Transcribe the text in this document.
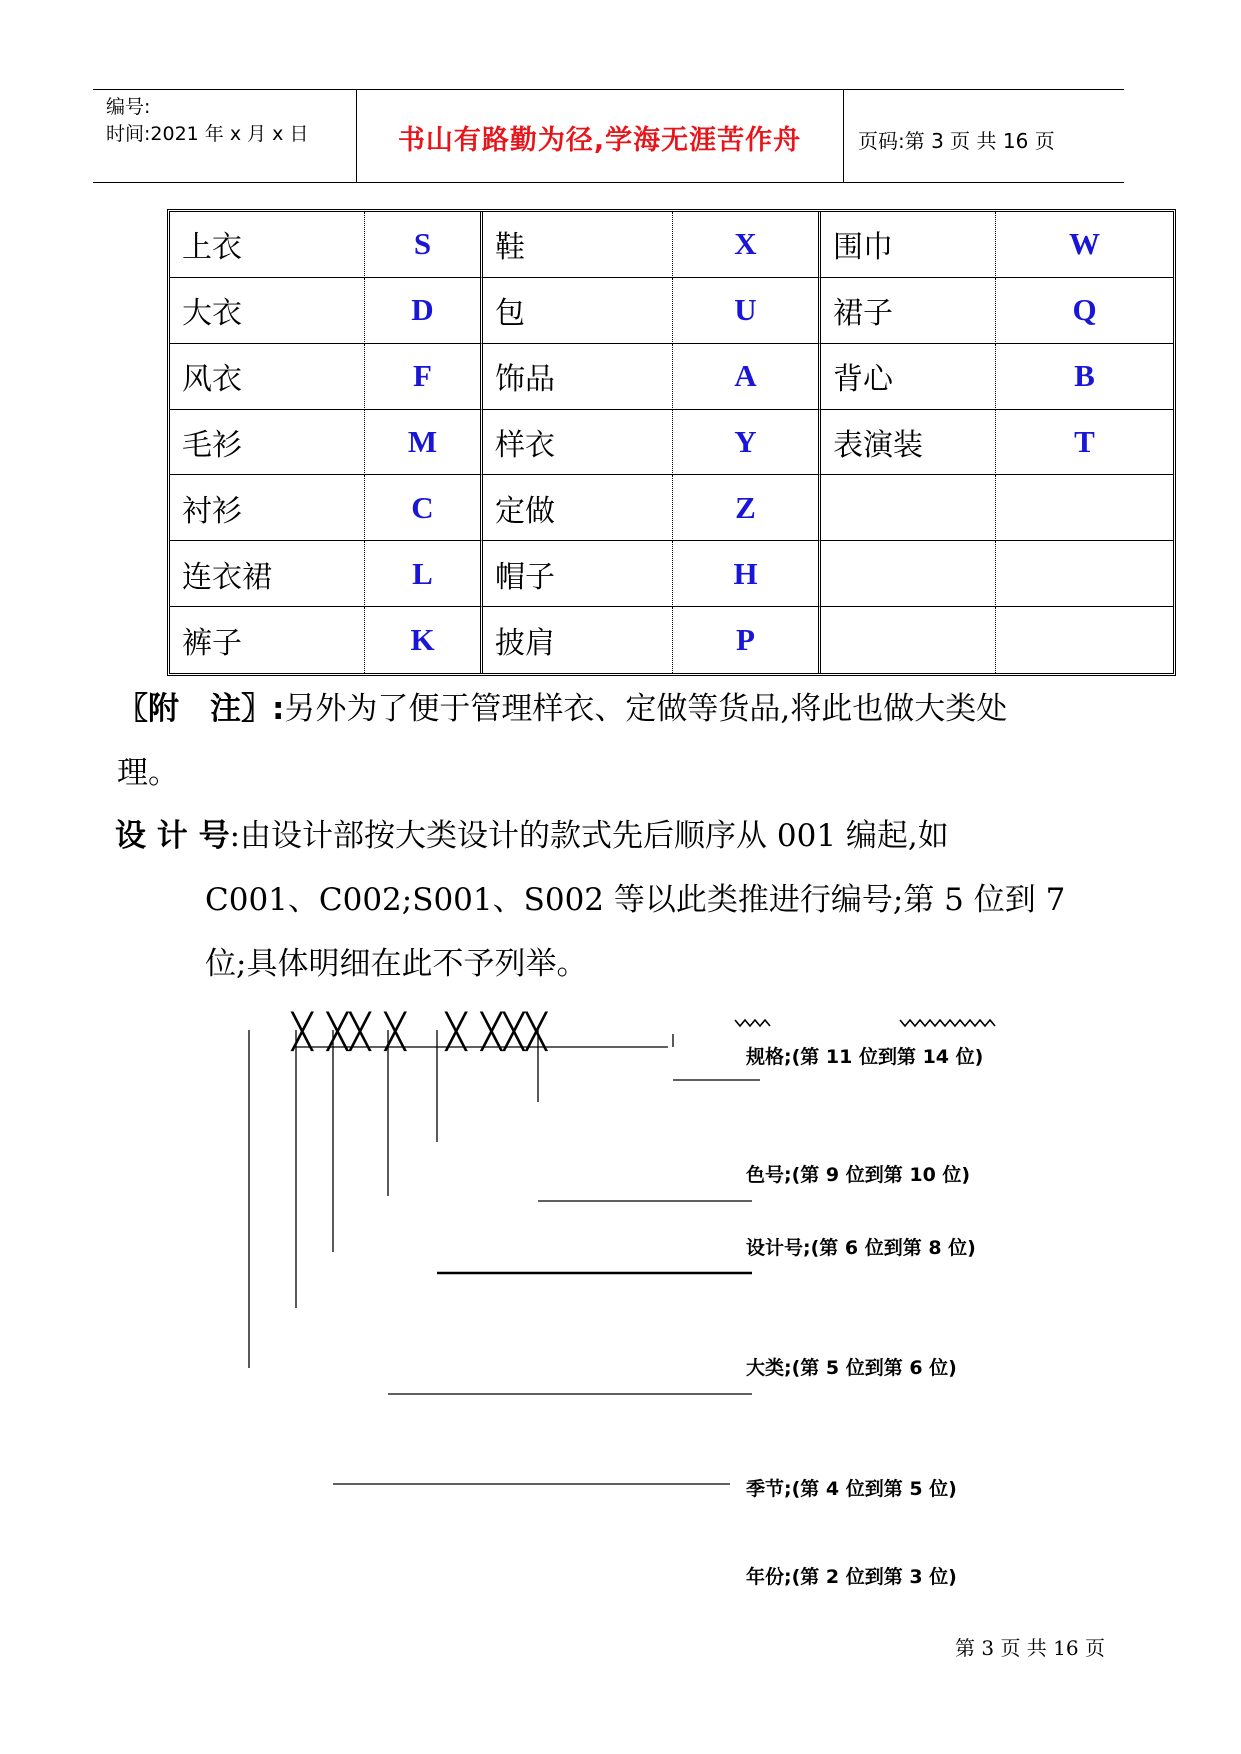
编号:
时间:2021 年 x 月 x 日	书山有路勤为径,学海无涯苦作舟	页码:第 3 页 共 16 页
上衣	S	鞋	X	围巾	W
大衣	D	包	U	裙子	Q
风衣	F	饰品	A	背心	B
毛衫	M	样衣	Y	表演装	T
衬衫	C	定做	Z
连衣裙	L	帽子	H
裤子	K	披肩	P
〖附　注〗:另外为了便于管理样衣、定做等货品,将此也做大类处
理。
设 计 号:由设计部按大类设计的款式先后顺序从 001 编起,如
C001、C002;S001、S002 等以此类推进行编号;第 5 位到 7
位;具体明细在此不予列举。
╳ ╳╳ ╳   ╳ ╳╳╳
规格;(第 11 位到第 14 位)
色号;(第 9 位到第 10 位)
设计号;(第 6 位到第 8 位)
大类;(第 5 位到第 6 位)
季节;(第 4 位到第 5 位)
年份;(第 2 位到第 3 位)
第 3 页 共 16 页
